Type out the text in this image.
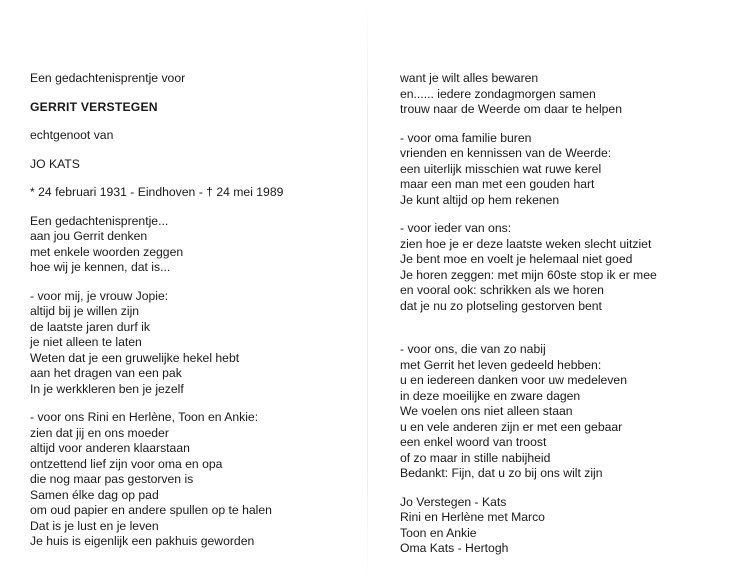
Een gedachtenisprentje voor
GERRIT VERSTEGEN
echtgenoot van
JO KATS
* 24 februari 1931 - Eindhoven - † 24 mei 1989
Een gedachtenisprentje...
aan jou Gerrit denken
met enkele woorden zeggen
hoe wij je kennen, dat is...
- voor mij, je vrouw Jopie:
altijd bij je willen zijn
de laatste jaren durf ik
je niet alleen te laten
Weten dat je een gruwelijke hekel hebt
aan het dragen van een pak
In je werkkleren ben je jezelf
- voor ons Rini en Herlène, Toon en Ankie:
zien dat jij en ons moeder
altijd voor anderen klaarstaan
ontzettend lief zijn voor oma en opa
die nog maar pas gestorven is
Samen élke dag op pad
om oud papier en andere spullen op te halen
Dat is je lust en je leven
Je huis is eigenlijk een pakhuis geworden
want je wilt alles bewaren
en...... iedere zondagmorgen samen
trouw naar de Weerde om daar te helpen
- voor oma familie buren
vrienden en kennissen van de Weerde:
een uiterlijk misschien wat ruwe kerel
maar een man met een gouden hart
Je kunt altijd op hem rekenen
- voor ieder van ons:
zien hoe je er deze laatste weken slecht uitziet
Je bent moe en voelt je helemaal niet goed
Je horen zeggen: met mijn 60ste stop ik er mee
en vooral ook: schrikken als we horen
dat je nu zo plotseling gestorven bent
- voor ons, die van zo nabij
met Gerrit het leven gedeeld hebben:
u en iedereen danken voor uw medeleven
in deze moeilijke en zware dagen
We voelen ons niet alleen staan
u en vele anderen zijn er met een gebaar
een enkel woord van troost
of zo maar in stille nabijheid
Bedankt: Fijn, dat u zo bij ons wilt zijn
Jo Verstegen - Kats
Rini en Herlène met Marco
Toon en Ankie
Oma Kats - Hertogh
